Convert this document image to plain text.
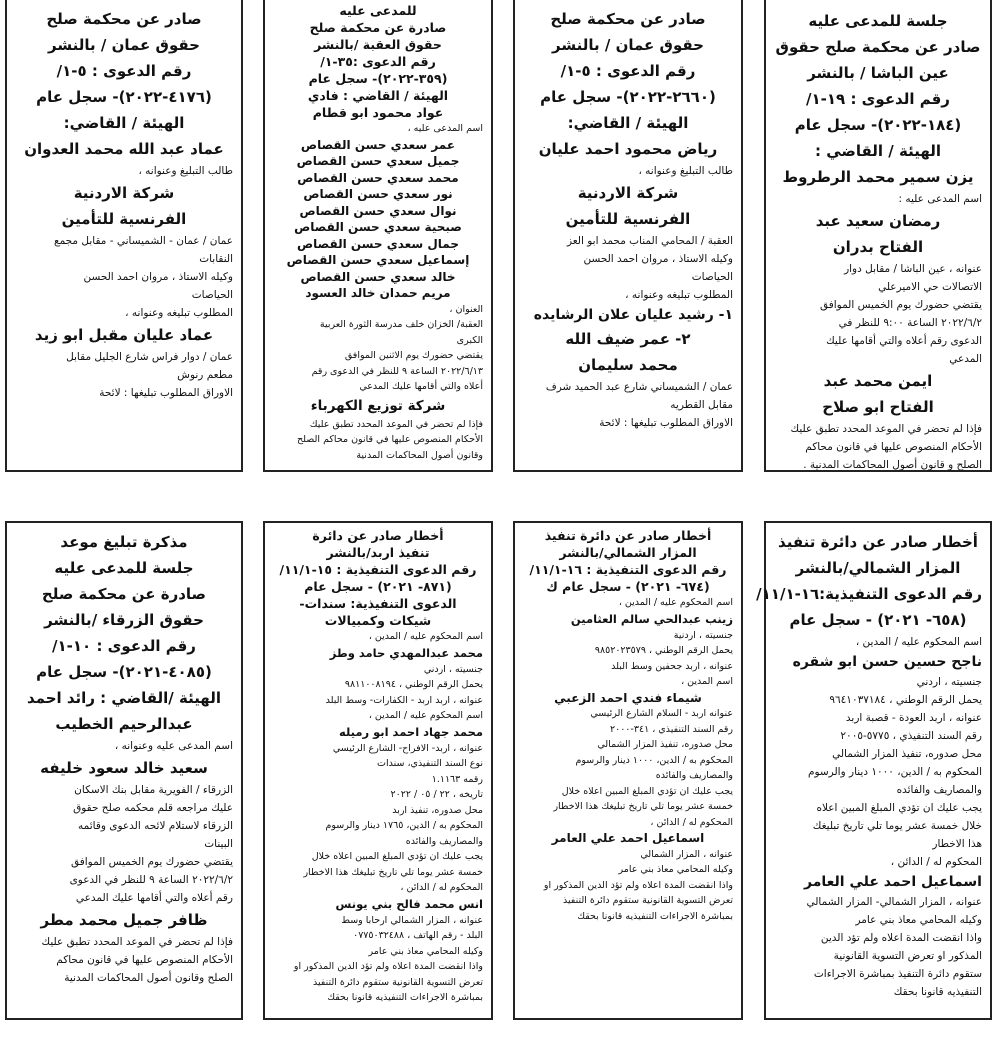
جلسة للمدعى عليه
صادر عن محكمة صلح حقوق
عين الباشا / بالنشر
رقم الدعوى : ١٩-١/
(١٨٤-٢٠٢٢)- سجل عام
الهيئة / القاضي :
يزن سمير محمد الرطروط
اسم المدعى عليه :
رمضان سعيد عبد
الفتاح بدران
عنوانه ، عين الباشا / مقابل دوار
الاتصالات حي الاميرعلي
يقتضي حضورك يوم الخميس الموافق
٢٠٢٢/٦/٢ الساعة ٩:٠٠ للنظر في
الدعوى رقم أعلاه والتي أقامها عليك
المدعي
ايمن محمد عبد
الفتاح ابو صلاح
فإذا لم تحضر في الموعد المحدد تطبق عليك
الأحكام المنصوص عليها في قانون محاكم
الصلح و قانون أصول المحاكمات المدنية .
صادر عن محكمة صلح
حقوق عمان / بالنشر
رقم الدعوى : ٥-١/
(٢٦٦٠-٢٠٢٢)- سجل عام
الهيئة / القاضي:
رياض محمود احمد عليان
طالب التبليغ وعنوانه ،
شركة الاردنية
الفرنسية للتأمين
العقبة / المحامي المناب محمد ابو العز
وكيله الاستاذ ، مروان احمد الحسن
الحياصات
المطلوب تبليغه وعنوانه ،
١- رشيد عليان علان الرشايده
٢- عمر ضيف الله
محمد سليمان
عمان / الشميساني شارع عبد الحميد شرف
مقابل القطريه
الاوراق المطلوب تبليغها : لائحة
للمدعى عليه
صادرة عن محكمة صلح
حقوق العقبة /بالنشر
رقم الدعوى :٣٥-١/
(٣٥٩-٢٠٢٢)- سجل عام
الهيئة / القاضي : فادي
عواد محمود ابو قطام
اسم المدعى عليه ،
عمر سعدي حسن القصاص
جميل سعدي حسن القصاص
محمد سعدي حسن القصاص
نور سعدي حسن القصاص
نوال سعدي حسن القصاص
صبحية سعدي حسن القصاص
جمال سعدي حسن القصاص
إسماعيل سعدي حسن القصاص
خالد سعدي حسن القصاص
مريم حمدان خالد العسود
العنوان ،
العقبة/ الخزان خلف مدرسة الثورة العربية
الكبرى
يقتضي حضورك يوم الاثنين الموافق
٢٠٢٢/٦/١٣ الساعة ٩ للنظر في الدعوى رقم
أعلاه والتي أقامها عليك المدعي
شركة توزيع الكهرباء
فإذا لم تحضر في الموعد المحدد تطبق عليك
الأحكام المنصوص عليها في قانون محاكم الصلح
وقانون أصول المحاكمات المدنية
صادر عن محكمة صلح
حقوق عمان / بالنشر
رقم الدعوى : ٥-١/
(٤١٧٦-٢٠٢٢)- سجل عام
الهيئة / القاضي:
عماد عبد الله محمد العدوان
طالب التبليغ وعنوانه ،
شركة الاردنية
الفرنسية للتأمين
عمان / عمان - الشميساني - مقابل مجمع
النقابات
وكيله الاستاذ ، مروان احمد الحسن
الحياصات
المطلوب تبليغه وعنوانه ،
عماد عليان مقبل ابو زيد
عمان / دوار فراس شارع الجليل مقابل
مطعم رنوش
الاوراق المطلوب تبليغها : لائحة
أخطار صادر عن دائرة تنفيذ
المزار الشمالي/بالنشر
رقم الدعوى التنفيذية:١٦-١١/١/
(٦٥٨- ٢٠٢١) - سجل عام
اسم المحكوم عليه / المدين ،
ناجح حسين حسن ابو شقره
جنسيته ، اردني
يحمل الرقم الوطني ، ٩٦٤١٠٣٧١٨٤
عنوانه ، اربد العودة - قصبة اربد
رقم السند التنفيذي ، ٥٧٧٥-٢٠٠٥
محل صدوره، تنفيذ المزار الشمالي
المحكوم به / الدين، ١٠٠٠ دينار والرسوم
والمصاريف والفائده
يجب عليك ان تؤدي المبلغ المبين اعلاه
خلال خمسة عشر يوما تلي تاريخ تبليغك
هذا الاخطار
المحكوم له / الدائن ،
اسماعيل احمد علي العامر
عنوانه ، المزار الشمالي- المزار الشمالي
وكيله المحامي معاذ بني عامر
واذا انقضت المدة اعلاه ولم تؤد الدين
المذكور او تعرض التسوية القانونية
ستقوم دائرة التنفيذ بمباشرة الاجراءات
التنفيذيه قانونا بحقك
أخطار صادر عن دائرة تنفيذ
المزار الشمالي/بالنشر
رقم الدعوى التنفيذية : ١٦-١١/١/
(٦٧٤- ٢٠٢١) - سجل عام ك
اسم المحكوم عليه / المدين ،
زينب عبدالحي سالم العثامين
جنسيته ، اردنية
يحمل الرقم الوطني ، ٩٨٥٢٠٢٣٥٧٩
عنوانه ، اربد جحفين وسط البلد
اسم المدين ،
شيماء فندي احمد الزعبي
عنوانه اربد - السلام الشارع الرئيسي
رقم السند التنفيذي ، ٣٤١-٢٠٠٠
محل صدوره، تنفيذ المزار الشمالي
المحكوم به / الدين، ١٠٠٠ دينار والرسوم
والمصاريف والفائده
يجب عليك ان تؤدي المبلغ المبين اعلاه خلال
خمسة عشر يوما تلي تاريخ تبليغك هذا الاخطار
المحكوم له / الدائن ،
اسماعيل احمد علي العامر
عنوانه ، المزار الشمالي
وكيله المحامي معاذ بني عامر
واذا انقضت المدة اعلاه ولم تؤد الدين المذكور او
تعرض التسوية القانونية ستقوم دائرة التنفيذ
بمباشرة الاجراءات التنفيذيه قانونا بحقك
أخطار صادر عن دائرة
تنفيذ اربد/بالنشر
رقم الدعوى التنفيذية : ١٥-١١/١/
(٨٧١- ٢٠٢١) - سجل عام
الدعوى التنفيذية: سندات-
شيكات وكمبيالات
اسم المحكوم عليه / المدين ،
محمد عبدالمهدي حامد وطز
جنسيته ، اردني
يحمل الرقم الوطني ، ٩٨١١٠٠٨١٩٤
عنوانه ، اربد اربد - الكفارات- وسط البلد
اسم المحكوم عليه / المدين ،
محمد جهاد احمد ابو رميله
عنوانه ، اربد- الافراح- الشارع الرئيسي
نوع السند التنفيذي، سندات
رقمه ١.١١٦٣
تاريخه ، ٢٢ / ٠٥ / ٢٠٢٢
محل صدوره، تنفيذ اربد
المحكوم به / الدين، ١٧٦٥ دينار والرسوم
والمصاريف والفائده
يجب عليك ان تؤدي المبلغ المبين اعلاه خلال
خمسة عشر يوما تلي تاريخ تبليغك هذا الاخطار
المحكوم له / الدائن ،
انس محمد فالح بني يونس
عنوانه ، المزار الشمالي ارحابا وسط
البلد - رقم الهاتف ، ٠٧٧٥٠٣٢٤٨٨
وكيله المحامي معاذ بني عامر
واذا انقضت المدة اعلاه ولم تؤد الدين المذكور او
تعرض التسوية القانونية ستقوم دائرة التنفيذ
بمباشرة الاجراءات التنفيذيه قانونا بحقك
مذكرة تبليغ موعد
جلسة للمدعى عليه
صادرة عن محكمة صلح
حقوق الزرقاء /بالنشر
رقم الدعوى : ١٠-١/
(٤٠٨٥-٢٠٢١)- سجل عام
الهيئة /القاضي : رائد احمد
عبدالرحيم الخطيب
اسم المدعى عليه وعنوانه ،
سعيد خالد سعود خليفه
الزرقاء / الفويرية مقابل بنك الاسكان
عليك مراجعه قلم محكمه صلح حقوق
الزرقاء لاستلام لائحه الدعوى وقائمه
البينات
يقتضي حضورك يوم الخميس الموافق
٢٠٢٢/٦/٢ الساعة ٩ للنظر في الدعوى
رقم أعلاه والتي أقامها عليك المدعي
ظافر جميل محمد مطر
فإذا لم تحضر في الموعد المحدد تطبق عليك
الأحكام المنصوص عليها في قانون محاكم
الصلح وقانون أصول المحاكمات المدنية
